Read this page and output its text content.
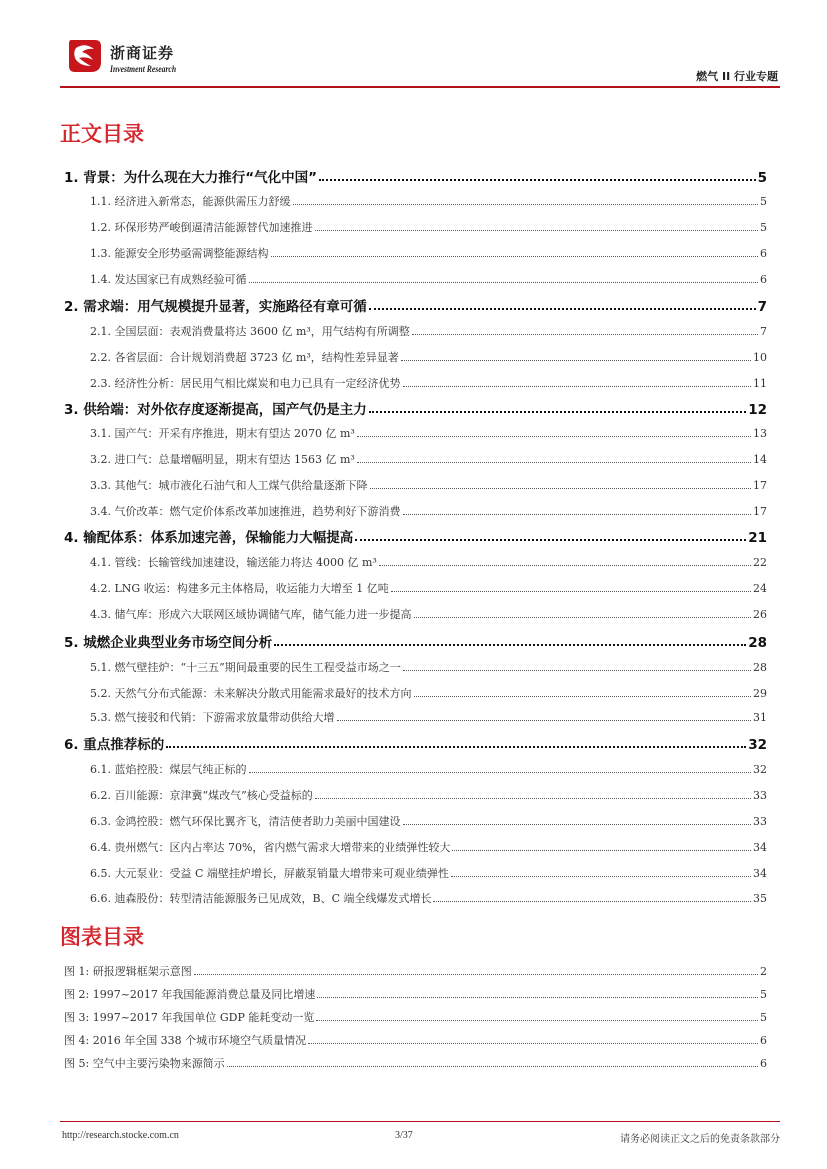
浙商证券
Investment Research
燃气 II 行业专题
正文目录
1. 背景：为什么现在大力推行“气化中国”	5
1.1. 经济进入新常态，能源供需压力舒缓	5
1.2. 环保形势严峻倒逼清洁能源替代加速推进	5
1.3. 能源安全形势亟需调整能源结构	6
1.4. 发达国家已有成熟经验可循	6
2. 需求端：用气规模提升显著，实施路径有章可循	7
2.1. 全国层面：表观消费量将达 3600 亿 m³，用气结构有所调整	7
2.2. 各省层面：合计规划消费超 3723 亿 m³，结构性差异显著	10
2.3. 经济性分析：居民用气相比煤炭和电力已具有一定经济优势	11
3. 供给端：对外依存度逐渐提高，国产气仍是主力	12
3.1. 国产气：开采有序推进，期末有望达 2070 亿 m³	13
3.2. 进口气：总量增幅明显，期末有望达 1563 亿 m³	14
3.3. 其他气：城市液化石油气和人工煤气供给量逐渐下降	17
3.4. 气价改革：燃气定价体系改革加速推进，趋势利好下游消费	17
4. 输配体系：体系加速完善，保输能力大幅提高	21
4.1. 管线：长输管线加速建设，输送能力将达 4000 亿 m³	22
4.2. LNG 收运：构建多元主体格局，收运能力大增至 1 亿吨	24
4.3. 储气库：形成六大联网区域协调储气库，储气能力进一步提高	26
5. 城燃企业典型业务市场空间分析	28
5.1. 燃气壁挂炉：“十三五”期间最重要的民生工程受益市场之一	28
5.2. 天然气分布式能源：未来解决分散式用能需求最好的技术方向	29
5.3. 燃气接驳和代销：下游需求放量带动供给大增	31
6. 重点推荐标的	32
6.1. 蓝焰控股：煤层气纯正标的	32
6.2. 百川能源：京津冀“煤改气”核心受益标的	33
6.3. 金鸿控股：燃气环保比翼齐飞，清洁使者助力美丽中国建设	33
6.4. 贵州燃气：区内占率达 70%，省内燃气需求大增带来的业绩弹性较大	34
6.5. 大元泵业：受益 C 端壁挂炉增长，屏蔽泵销量大增带来可观业绩弹性	34
6.6. 迪森股份：转型清洁能源服务已见成效，B、C 端全线爆发式增长	35
图表目录
图 1: 研报逻辑框架示意图	2
图 2: 1997~2017 年我国能源消费总量及同比增速	5
图 3: 1997~2017 年我国单位 GDP 能耗变动一览	5
图 4: 2016 年全国 338 个城市环境空气质量情况	6
图 5: 空气中主要污染物来源简示	6
http://research.stocke.com.cn	3/37	请务必阅读正文之后的免责条款部分
